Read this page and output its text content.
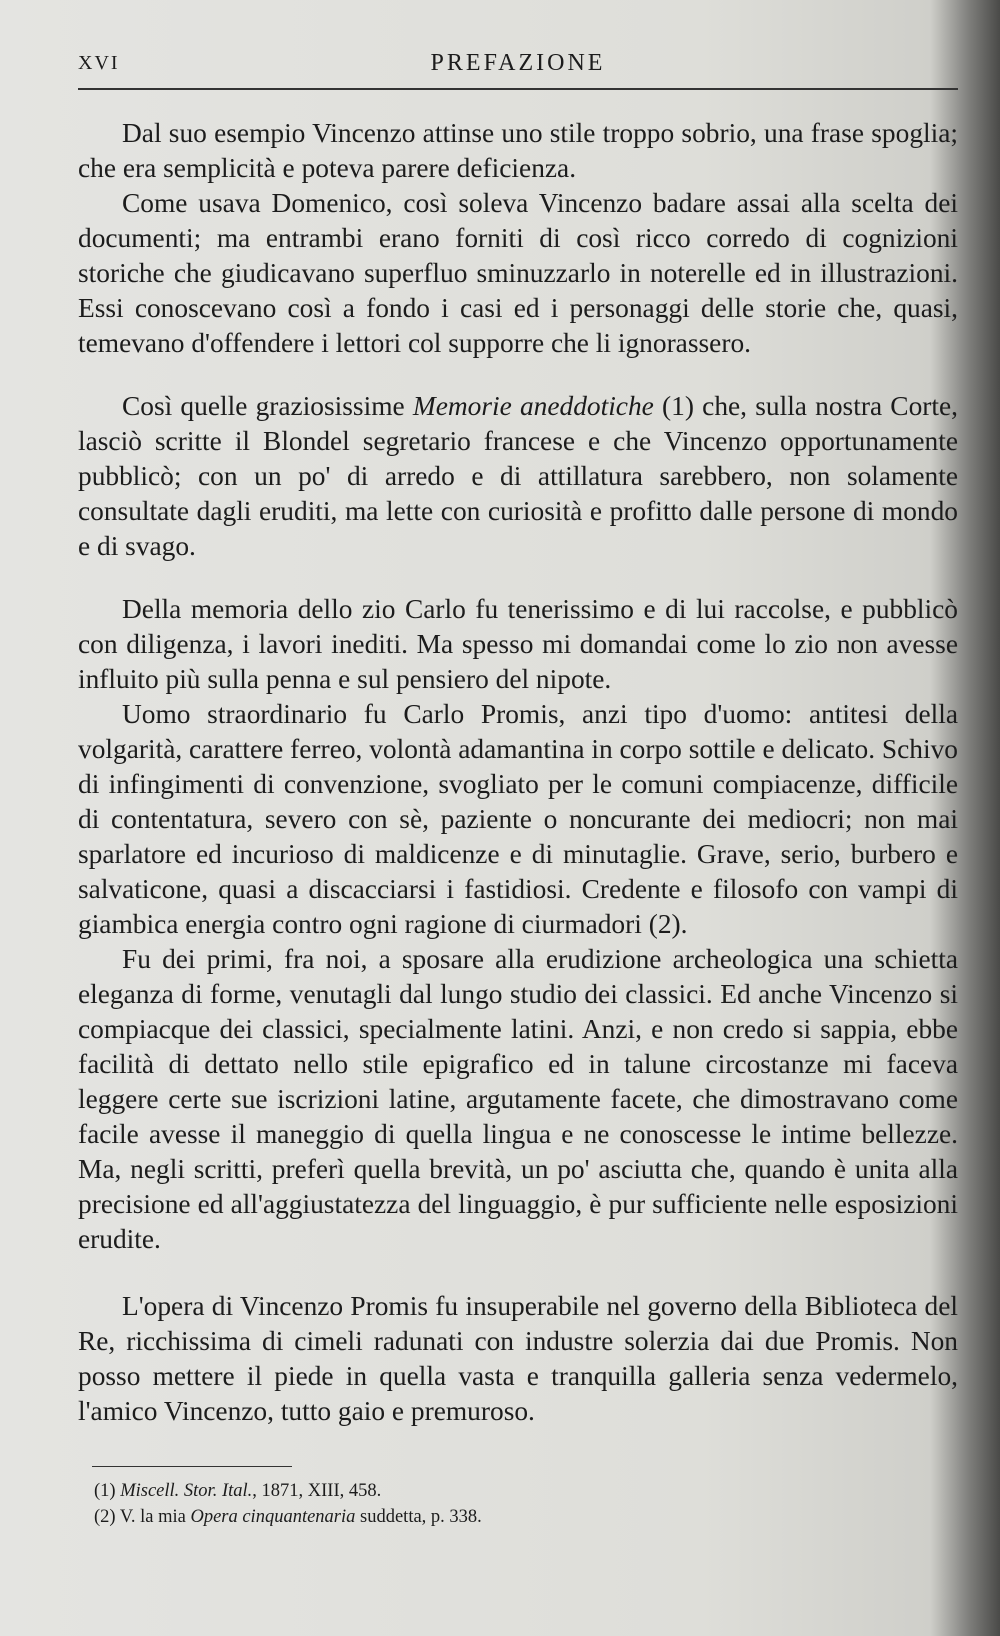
XVI	PREFAZIONE

Dal suo esempio Vincenzo attinse uno stile troppo sobrio, una frase spoglia; che era semplicità e poteva parere deficienza.

Come usava Domenico, così soleva Vincenzo badare assai alla scelta dei documenti; ma entrambi erano forniti di così ricco corredo di cognizioni storiche che giudicavano superfluo sminuzzarlo in noterelle ed in illustrazioni. Essi conoscevano così a fondo i casi ed i personaggi delle storie che, quasi, temevano d'offendere i lettori col supporre che li ignorassero.

Così quelle graziosissime Memorie aneddotiche (1) che, sulla nostra Corte, lasciò scritte il Blondel segretario francese e che Vincenzo opportunamente pubblicò; con un po' di arredo e di attillatura sarebbero, non solamente consultate dagli eruditi, ma lette con curiosità e profitto dalle persone di mondo e di svago.

Della memoria dello zio Carlo fu tenerissimo e di lui raccolse, e pubblicò con diligenza, i lavori inediti. Ma spesso mi domandai come lo zio non avesse influito più sulla penna e sul pensiero del nipote.

Uomo straordinario fu Carlo Promis, anzi tipo d'uomo: antitesi della volgarità, carattere ferreo, volontà adamantina in corpo sottile e delicato. Schivo di infingimenti di convenzione, svogliato per le comuni compiacenze, difficile di contentatura, severo con sè, paziente o noncurante dei mediocri; non mai sparlatore ed incurioso di maldicenze e di minutaglie. Grave, serio, burbero e salvaticone, quasi a discacciarsi i fastidiosi. Credente e filosofo con vampi di giambica energia contro ogni ragione di ciurmadori (2).

Fu dei primi, fra noi, a sposare alla erudizione archeologica una schietta eleganza di forme, venutagli dal lungo studio dei classici. Ed anche Vincenzo si compiacque dei classici, specialmente latini. Anzi, e non credo si sappia, ebbe facilità di dettato nello stile epigrafico ed in talune circostanze mi faceva leggere certe sue iscrizioni latine, argutamente facete, che dimostravano come facile avesse il maneggio di quella lingua e ne conoscesse le intime bellezze. Ma, negli scritti, preferì quella brevità, un po' asciutta che, quando è unita alla precisione ed all'aggiustatezza del linguaggio, è pur sufficiente nelle esposizioni erudite.

L'opera di Vincenzo Promis fu insuperabile nel governo della Biblioteca del Re, ricchissima di cimeli radunati con industre solerzia dai due Promis. Non posso mettere il piede in quella vasta e tranquilla galleria senza vedermelo, l'amico Vincenzo, tutto gaio e premuroso.

(1) Miscell. Stor. Ital., 1871, XIII, 458.

(2) V. la mia Opera cinquantenaria suddetta, p. 338.
